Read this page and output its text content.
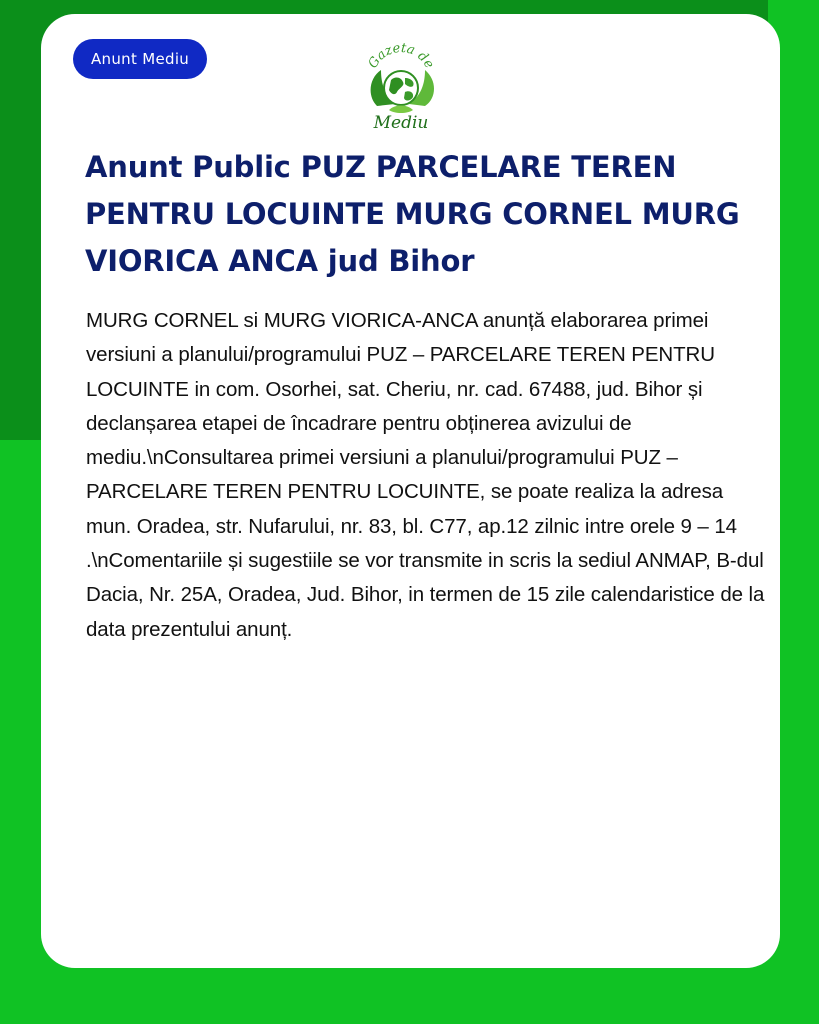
Anunt Mediu	Gazeta de
Mediu
Anunt Public PUZ PARCELARE TEREN PENTRU LOCUINTE MURG CORNEL MURG VIORICA ANCA jud Bihor

MURG CORNEL si MURG VIORICA-ANCA anunță elaborarea primei versiuni a planului/programului PUZ – PARCELARE TEREN PENTRU LOCUINTE in com. Osorhei, sat. Cheriu, nr. cad. 67488, jud. Bihor și declanșarea etapei de încadrare pentru obținerea avizului de mediu.\nConsultarea primei versiuni a planului/programului PUZ – PARCELARE TEREN PENTRU LOCUINTE, se poate realiza la adresa mun. Oradea, str. Nufarului, nr. 83, bl. C77, ap.12 zilnic intre orele 9 – 14 .\nComentariile și sugestiile se vor transmite in scris la sediul ANMAP, B-dul Dacia, Nr. 25A, Oradea, Jud. Bihor, in termen de 15 zile calendaristice de la data prezentului anunț.
